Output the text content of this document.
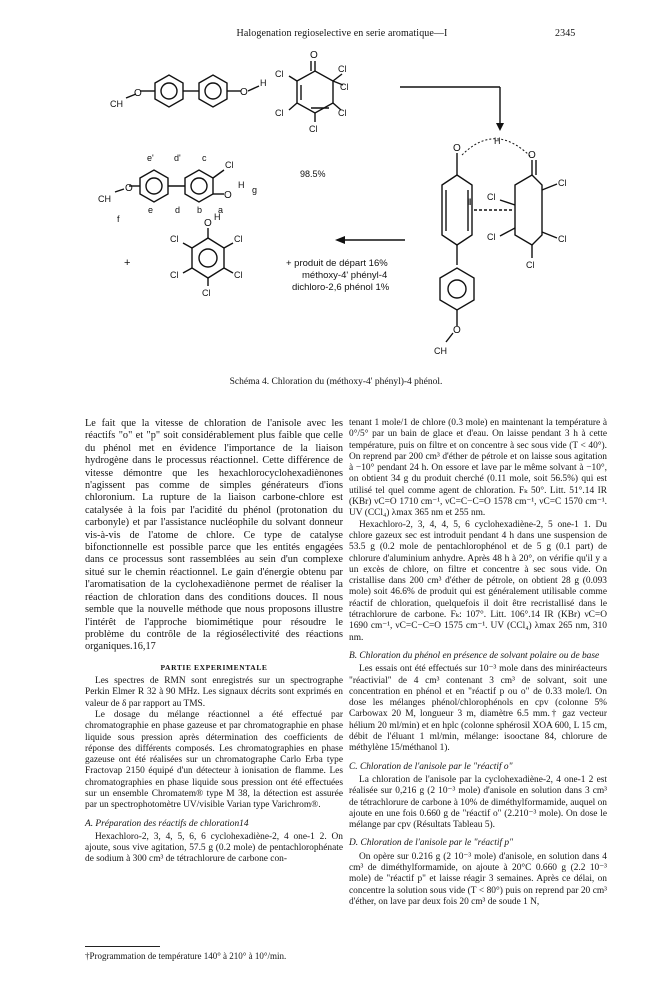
Halogenation regioselective en serie aromatique—I	2345
‖
O
CH
O
H
O
Cl	Cl
Cl
Cl	Cl
Cl
e' d' c
Cl
O
H g
O
CH
e d b a
f	O
H
Cl	Cl
Cl	Cl
Cl
+
98.5%
+ produit de départ 16%
méthoxy-4' phényl-4
dichloro-2,6 phénol 1%
O
H
O
Cl
Cl
Cl
Cl
Cl
O
CH
Schéma 4. Chloration du (méthoxy-4' phényl)-4 phénol.

Le fait que la vitesse de chloration de l'anisole avec les réactifs "o" et "p" soit considérablement plus faible que celle du phénol met en évidence l'importance de la liaison hydrogène dans le processus réactionnel. Cette différence de vitesse démontre que les hexachlorocyclohexadiènones n'agissent pas comme de simples générateurs d'ions chloronium. La rupture de la liaison carbone-chlore est catalysée à la fois par l'acidité du phénol (protonation du carbonyle) et par l'assistance nucléophile du solvant donneur vis-à-vis de l'atome de chlore. Ce type de catalyse bifonctionnelle est possible parce que les entités engagées dans ce processus sont rassemblées au sein d'un complexe situé sur le chemin réactionnel. Le gain d'énergie obtenu par l'aromatisation de la cyclohexadiènone permet de réaliser la réaction de chloration dans des conditions douces. Il nous semble que la nouvelle méthode que nous proposons illustre l'intérêt de l'approche biomimétique pour résoudre le problème du contrôle de la régiosélectivité des réactions organiques.16,17

PARTIE EXPERIMENTALE

Les spectres de RMN sont enregistrés sur un spectrographe Perkin Elmer R 32 à 90 MHz. Les signaux décrits sont exprimés en valeur de δ par rapport au TMS.

Le dosage du mélange réactionnel a été effectué par chromatographie en phase gazeuse et par chromatographie en phase liquide sous pression après détermination des coefficients de réponse des différents composés. Les chromatographies en phase gazeuse ont été réalisées sur un chromatographe Carlo Erba type Fractovap 2150 équipé d'un détecteur à ionisation de flamme. Les chromatographies en phase liquide sous pression ont été effectuées sur un ensemble Chromatem® type M 38, la détection est assurée par un spectrophotomètre UV/visible Varian type Varichrom®.

A. Préparation des réactifs de chloration14

Hexachloro-2, 3, 4, 5, 6, 6 cyclohexadiène-2, 4 one-1 2. On ajoute, sous vive agitation, 57.5 g (0.2 mole) de pentachlorophénate de sodium à 300 cm³ de tétrachlorure de carbone con-

tenant 1 mole/1 de chlore (0.3 mole) en maintenant la température à 0°/5° par un bain de glace et d'eau. On laisse pendant 3 h à cette température, puis on filtre et on concentre à sec sous vide (T < 40°). On reprend par 200 cm³ d'éther de pétrole et on laisse sous agitation à −10° pendant 24 h. On essore et lave par le même solvant à −10°, on obtient 34 g du produit cherché (0.11 mole, soit 56.5%) qui est utilisé tel quel comme agent de chloration. Fₖ 50°. Litt. 51°.14 IR (KBr) νC=O 1710 cm⁻¹, νC=C−C=O 1578 cm⁻¹, νC=C 1570 cm⁻¹. UV (CCl₄) λmax 365 nm et 255 nm.

Hexachloro-2, 3, 4, 4, 5, 6 cyclohexadiène-2, 5 one-1 1. Du chlore gazeux sec est introduit pendant 4 h dans une suspension de 53.5 g (0.2 mole de pentachlorophénol et de 5 g (0.1 part) de chlorure d'aluminium anhydre. Après 48 h à 20°, on vérifie qu'il y a un excès de chlore, on filtre et concentre à sec sous vide. On cristallise dans 200 cm³ d'éther de pétrole, on obtient 28 g (0.093 mole) soit 46.6% de produit qui est généralement utilisable comme réactif de chloration, quelquefois il doit être recristallisé dans le tétrachlorure de carbone. Fₖ: 107°. Litt. 106°.14 IR (KBr) νC=O 1690 cm⁻¹, νC=C−C=O 1575 cm⁻¹. UV (CCl₄) λmax 265 nm, 310 nm.

B. Chloration du phénol en présence de solvant polaire ou de base

Les essais ont été effectués sur 10⁻³ mole dans des miniréacteurs "réactivial" de 4 cm³ contenant 3 cm³ de solvant, soit une concentration en phénol et en "réactif p ou o" de 0.33 mole/l. On dose les mélanges phénol/chlorophénols en cpv (colonne 5% Carbowax 20 M, longueur 3 m, diamètre 6.5 mm.† gaz vecteur hélium 20 ml/min) et en hplc (colonne sphérosil XOA 600, L 15 cm, débit de l'éluant 1 ml/min, mélange: isooctane 84, chlorure de méthylène 15/méthanol 1).

C. Chloration de l'anisole par le "réactif o"

La chloration de l'anisole par la cyclohexadiène-2, 4 one-1 2 est réalisée sur 0,216 g (2 10⁻³ mole) d'anisole en solution dans 3 cm³ de tétrachlorure de carbone à 10% de diméthylformamide, auquel on ajoute en une fois 0.660 g de "réactif o" (2.210⁻³ mole). On dose le mélange par cpv (Résultats Tableau 5).

D. Chloration de l'anisole par le "réactif p"

On opère sur 0.216 g (2 10⁻³ mole) d'anisole, en solution dans 4 cm³ de diméthylformamide, on ajoute à 20°C 0.660 g (2.2 10⁻³ mole) de "réactif p" et laisse réagir 3 semaines. Après ce délai, on concentre la solution sous vide (T < 80°) puis on reprend par 20 cm³ d'éther, on lave par deux fois 20 cm³ de soude 1 N,

†Programmation de température 140° à 210° à 10°/min.
